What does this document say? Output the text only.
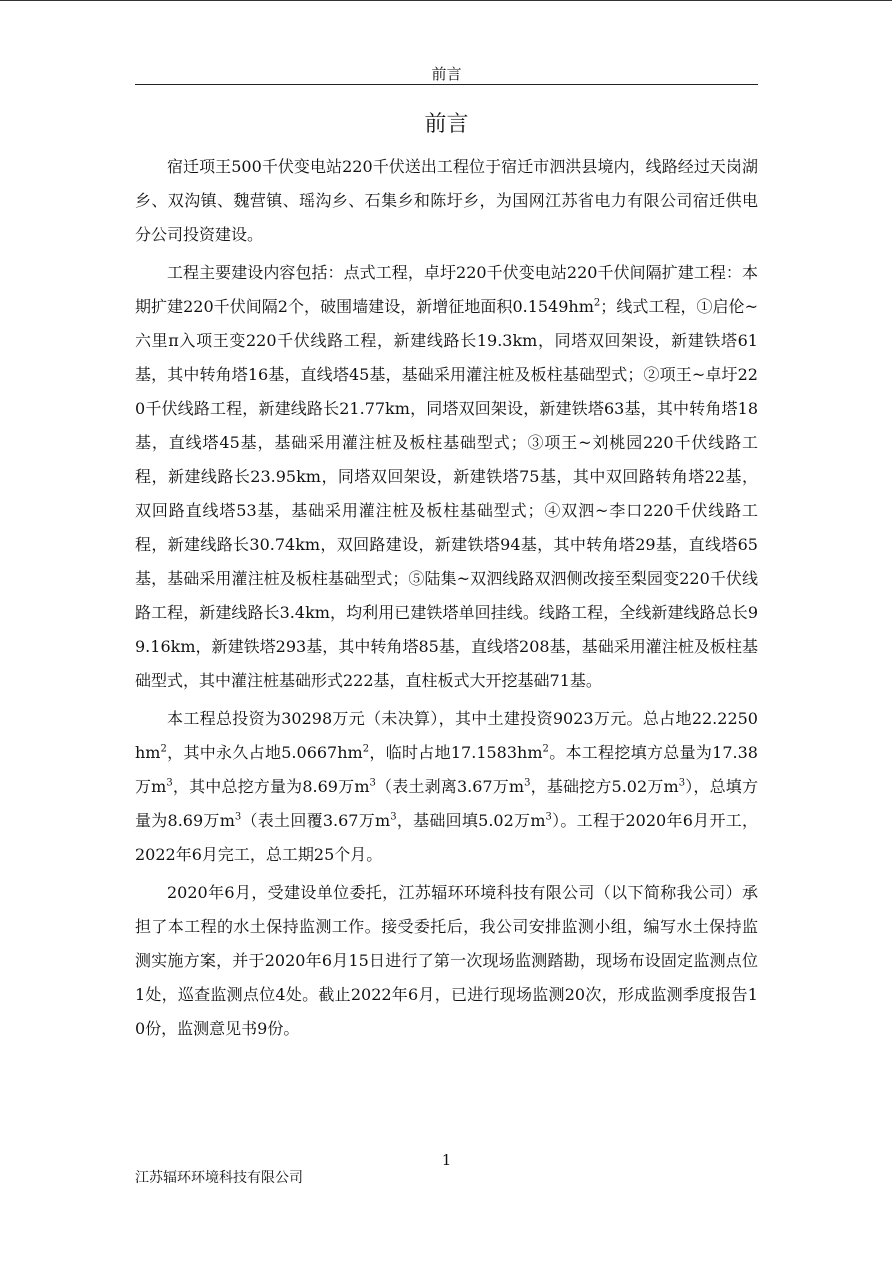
前言
前言

宿迁项王500千伏变电站220千伏送出工程位于宿迁市泗洪县境内，线路经过天岗湖乡、双沟镇、魏营镇、瑶沟乡、石集乡和陈圩乡，为国网江苏省电力有限公司宿迁供电分公司投资建设。

工程主要建设内容包括：点式工程，卓圩220千伏变电站220千伏间隔扩建工程：本期扩建220千伏间隔2个，破围墙建设，新增征地面积$0.1549hm^2$；线式工程，①启伦~六里π入项王变220千伏线路工程，新建线路长19.3km，同塔双回架设，新建铁塔61基，其中转角塔16基，直线塔45基，基础采用灌注桩及板柱基础型式；②项王~卓圩220千伏线路工程，新建线路长21.77km，同塔双回架设，新建铁塔63基，其中转角塔18基，直线塔45基，基础采用灌注桩及板柱基础型式；③项王~刘桃园220千伏线路工程，新建线路长23.95km，同塔双回架设，新建铁塔75基，其中双回路转角塔22基，双回路直线塔53基，基础采用灌注桩及板柱基础型式；④双泗~李口220千伏线路工程，新建线路长30.74km，双回路建设，新建铁塔94基，其中转角塔29基，直线塔65基，基础采用灌注桩及板柱基础型式；⑤陆集~双泗线路双泗侧改接至梨园变220千伏线路工程，新建线路长3.4km，均利用已建铁塔单回挂线。线路工程，全线新建线路总长99.16km，新建铁塔293基，其中转角塔85基，直线塔208基，基础采用灌注桩及板柱基础型式，其中灌注桩基础形式222基，直柱板式大开挖基础71基。

本工程总投资为30298万元（未决算），其中土建投资9023万元。总占地$22.2250hm^2$，其中永久占地$5.0667hm^2$，临时占地$17.1583hm^2$。本工程挖填方总量为17.38万$m^3$，其中总挖方量为8.69万$m^3$（表土剥离3.67万$m^3$，基础挖方5.02万$m^3$），总填方量为8.69万$m^3$（表土回覆3.67万$m^3$，基础回填5.02万$m^3$）。工程于2020年6月开工，2022年6月完工，总工期25个月。

2020年6月，受建设单位委托，江苏辐环环境科技有限公司（以下简称我公司）承担了本工程的水土保持监测工作。接受委托后，我公司安排监测小组，编写水土保持监测实施方案，并于2020年6月15日进行了第一次现场监测踏勘，现场布设固定监测点位1处，巡查监测点位4处。截止2022年6月，已进行现场监测20次，形成监测季度报告10份，监测意见书9份。

1
江苏辐环环境科技有限公司
